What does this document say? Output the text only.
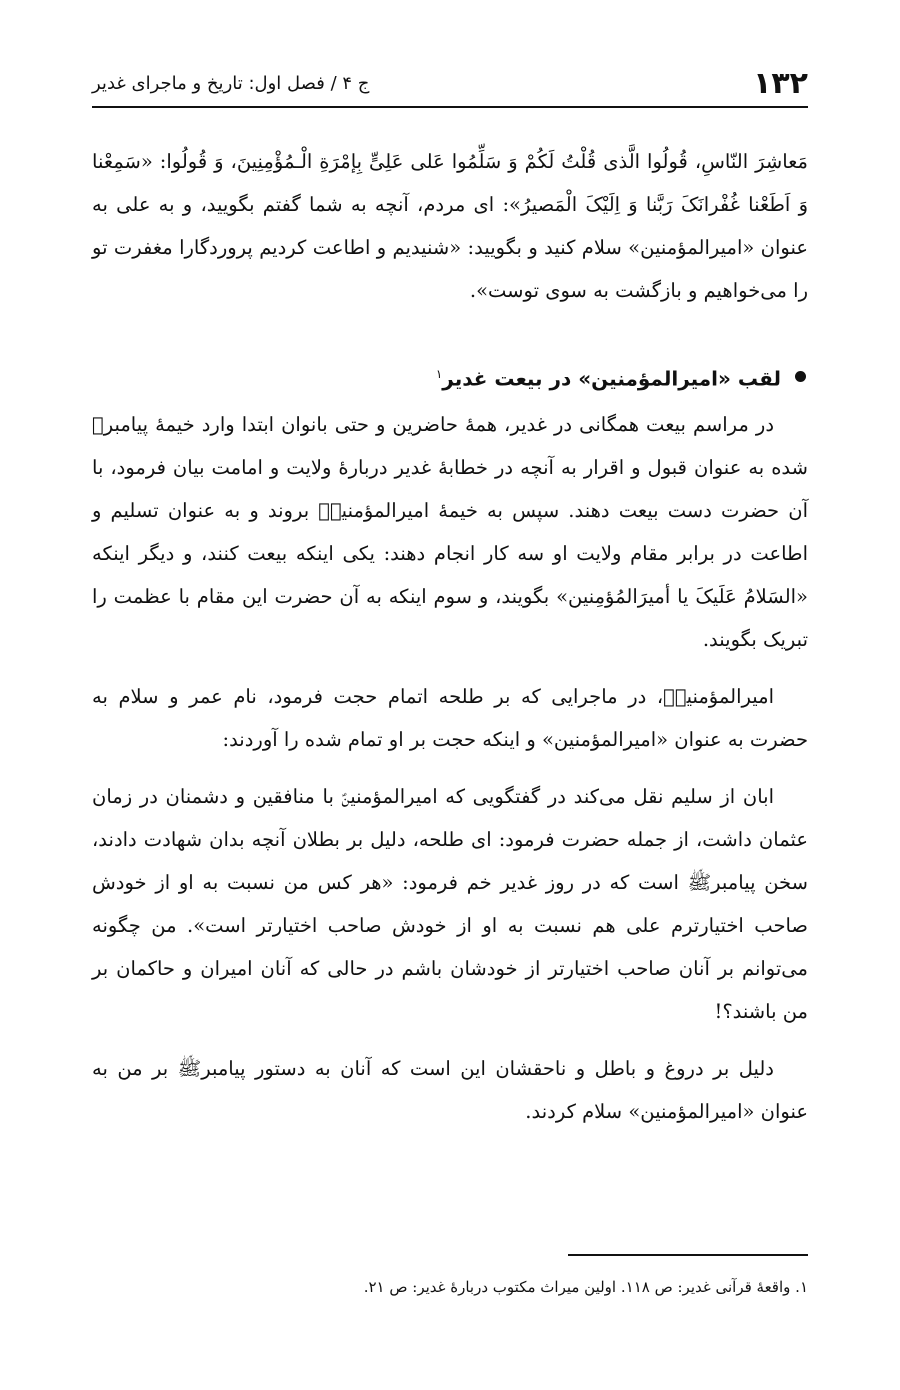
۱۳۲
ج ۴ / فصل اول: تاریخ و ماجرای غدیر

مَعاشِرَ النّاسِ، قُولُوا الَّذی قُلْتُ لَکُمْ وَ سَلِّمُوا عَلی عَلِیٍّ بِإمْرَةِ الْـمُؤْمِنِینَ، وَ قُولُوا: «سَمِعْنا وَ اَطَعْنا غُفْرانَکَ رَبَّنا وَ اِلَیْکَ الْمَصیرُ»: ای مردم، آنچه به شما گفتم بگویید، و به علی به عنوان «امیرالمؤمنین» سلام کنید و بگویید: «شنیدیم و اطاعت کردیم پروردگارا مغفرت تو را می‌خواهیم و بازگشت به سوی توست».

لقب «امیرالمؤمنین» در بیعت غدیر$^۱$

در مراسم بیعت همگانی در غدیر، همهٔ حاضرین و حتی بانوان ابتدا وارد خیمهٔ پیامبرﷺ شده به عنوان قبول و اقرار به آنچه در خطابهٔ غدیر دربارهٔ ولایت و امامت بیان فرمود، با آن حضرت دست بیعت دهند. سپس به خیمهٔ امیرالمؤمنینؑ بروند و به عنوان تسلیم و اطاعت در برابر مقام ولایت او سه کار انجام دهند: یکی اینکه بیعت کنند، و دیگر اینکه «السَلامُ عَلَیکَ یا أمیرَالمُؤمِنین» بگویند، و سوم اینکه به آن حضرت این مقام با عظمت را تبریک بگویند.

امیرالمؤمنینؑ، در ماجرایی که بر طلحه اتمام حجت فرمود، نام عمر و سلام به حضرت به عنوان «امیرالمؤمنین» و اینکه حجت بر او تمام شده را آوردند:

ابان از سلیم نقل می‌کند در گفتگویی که امیرالمؤمنینؑ با منافقین و دشمنان در زمان عثمان داشت، از جمله حضرت فرمود: ای طلحه، دلیل بر بطلان آنچه بدان شهادت دادند، سخن پیامبرﷺ است که در روز غدیر خم فرمود: «هر کس من نسبت به او از خودش صاحب اختیارترم علی هم نسبت به او از خودش صاحب اختیارتر است». من چگونه می‌توانم بر آنان صاحب اختیارتر از خودشان باشم در حالی که آنان امیران و حاکمان بر من باشند؟!

دلیل بر دروغ و باطل و ناحقشان این است که آنان به دستور پیامبرﷺ بر من به عنوان «امیرالمؤمنین» سلام کردند.

۱. واقعهٔ قرآنی غدیر: ص ۱۱۸. اولین میراث مکتوب دربارهٔ غدیر: ص ۲۱.
